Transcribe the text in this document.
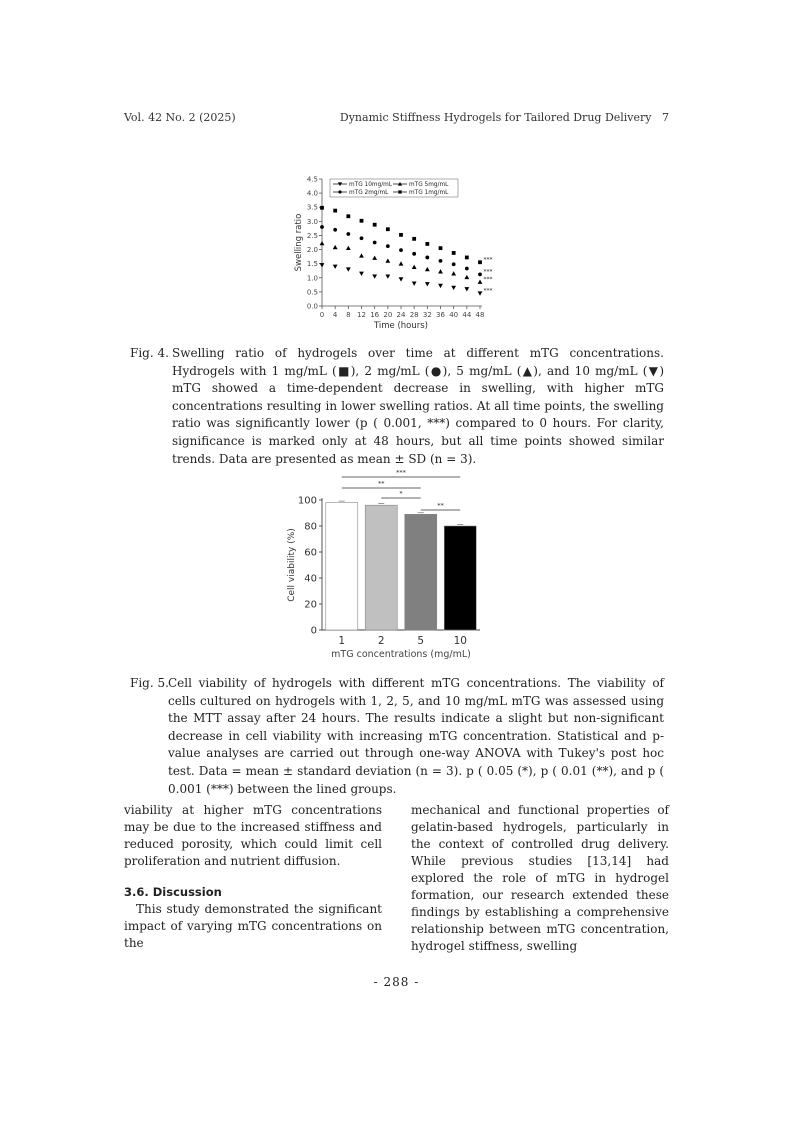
Vol. 42 No. 2 (2025)	Dynamic Stiffness Hydrogels for Tailored Drug Delivery   7
0.0
0.5
1.0
1.5
2.0
2.5
3.0
3.5
4.0
4.5
0 4 8 12 16 20 24 28 32 36 40 44 48
Time (hours)
Swelling ratio	***
***
***
***
mTG 10mg/mL	mTG 5mg/mL
mTG 2mg/mL	mTG 1mg/mL
Fig. 4. Swelling ratio of hydrogels over time at different mTG concentrations. Hydrogels with 1 mg/mL (■), 2 mg/mL (●), 5 mg/mL (▲), and 10 mg/mL (▼) mTG showed a time-dependent decrease in swelling, with higher mTG concentrations resulting in lower swelling ratios. At all time points, the swelling ratio was significantly lower (p ( 0.001, ***) compared to 0 hours. For clarity, significance is marked only at 48 hours, but all time points showed similar trends. Data are presented as mean ± SD (n = 3).
0
20
40
60
80
100
Cell viability (%)
mTG concentrations (mg/mL)
1	2	5	10
***
**
*
**
Fig. 5. Cell viability of hydrogels with different mTG concentrations. The viability of cells cultured on hydrogels with 1, 2, 5, and 10 mg/mL mTG was assessed using the MTT assay after 24 hours. The results indicate a slight but non-significant decrease in cell viability with increasing mTG concentration. Statistical and p-value analyses are carried out through one-way ANOVA with Tukey's post hoc test. Data = mean ± standard deviation (n = 3). p ( 0.05 (*), p ( 0.01 (**), and p ( 0.001 (***) between the lined groups.

viability at higher mTG concentrations may be due to the increased stiffness and reduced porosity, which could limit cell proliferation and nutrient diffusion.

3.6. Discussion

This study demonstrated the significant impact of varying mTG concentrations on the

mechanical and functional properties of gelatin-based hydrogels, particularly in the context of controlled drug delivery. While previous studies [13,14] had explored the role of mTG in hydrogel formation, our research extended these findings by establishing a comprehensive relationship between mTG concentration, hydrogel stiffness, swelling

- 288 -
